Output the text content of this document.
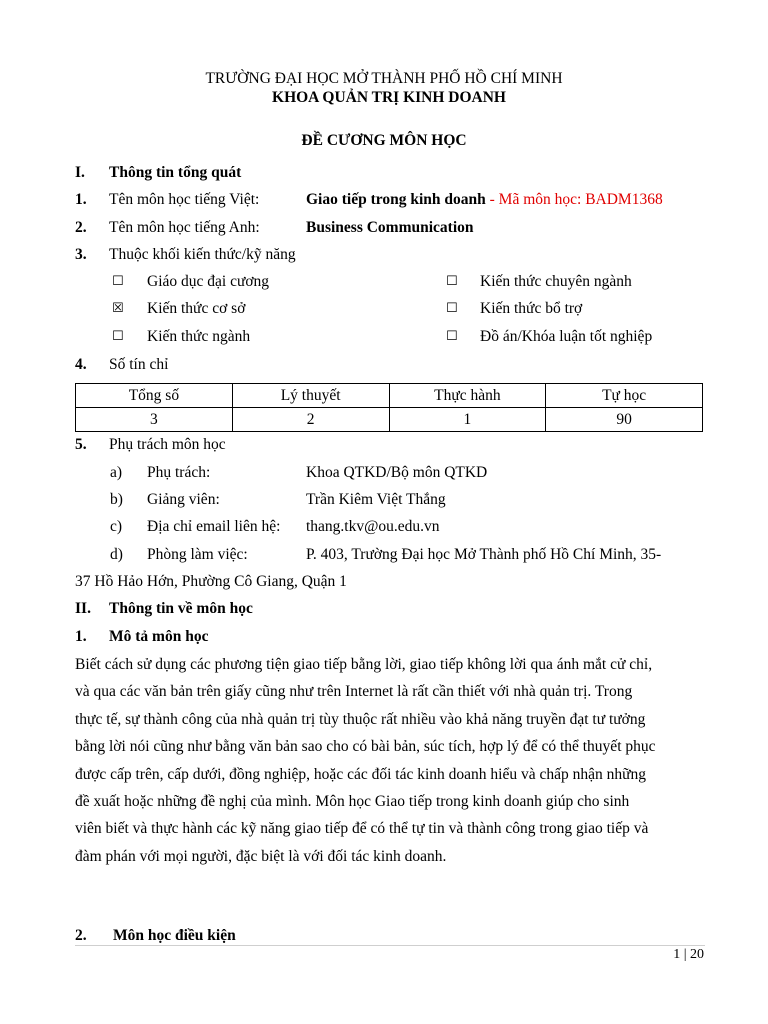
TRƯỜNG ĐẠI HỌC MỞ THÀNH PHỐ HỒ CHÍ MINH
KHOA QUẢN TRỊ KINH DOANH
ĐỀ CƯƠNG MÔN HỌC
I. Thông tin tổng quát
1. Tên môn học tiếng Việt:	Giao tiếp trong kinh doanh - Mã môn học: BADM1368
2. Tên môn học tiếng Anh:	Business Communication
3. Thuộc khối kiến thức/kỹ năng
☐ Giáo dục đại cương	☐ Kiến thức chuyên ngành
☒ Kiến thức cơ sở	☐ Kiến thức bổ trợ
☐ Kiến thức ngành	☐ Đồ án/Khóa luận tốt nghiệp
4. Số tín chỉ
Tổng số	Lý thuyết	Thực hành	Tự học
3	2	1	90
5. Phụ trách môn học
a) Phụ trách:	Khoa QTKD/Bộ môn QTKD
b) Giảng viên:	Trần Kiêm Việt Thắng
c) Địa chỉ email liên hệ: thang.tkv@ou.edu.vn
d) Phòng làm việc:	P. 403, Trường Đại học Mở Thành phố Hồ Chí Minh, 35-
37 Hồ Hảo Hớn, Phường Cô Giang, Quận 1
II. Thông tin về môn học
1. Mô tả môn học

Biết cách sử dụng các phương tiện giao tiếp bằng lời, giao tiếp không lời qua ánh mắt cử chỉ,

và qua các văn bản trên giấy cũng như trên Internet là rất cần thiết với nhà quản trị. Trong

thực tế, sự thành công của nhà quản trị tùy thuộc rất nhiều vào khả năng truyền đạt tư tưởng

bằng lời nói cũng như bằng văn bản sao cho có bài bản, súc tích, hợp lý để có thể thuyết phục

được cấp trên, cấp dưới, đồng nghiệp, hoặc các đối tác kinh doanh hiểu và chấp nhận những

đề xuất hoặc những đề nghị của mình. Môn học Giao tiếp trong kinh doanh giúp cho sinh

viên biết và thực hành các kỹ năng giao tiếp để có thể tự tin và thành công trong giao tiếp và

đàm phán với mọi người, đặc biệt là với đối tác kinh doanh.

2. Môn học điều kiện
1 | 20
